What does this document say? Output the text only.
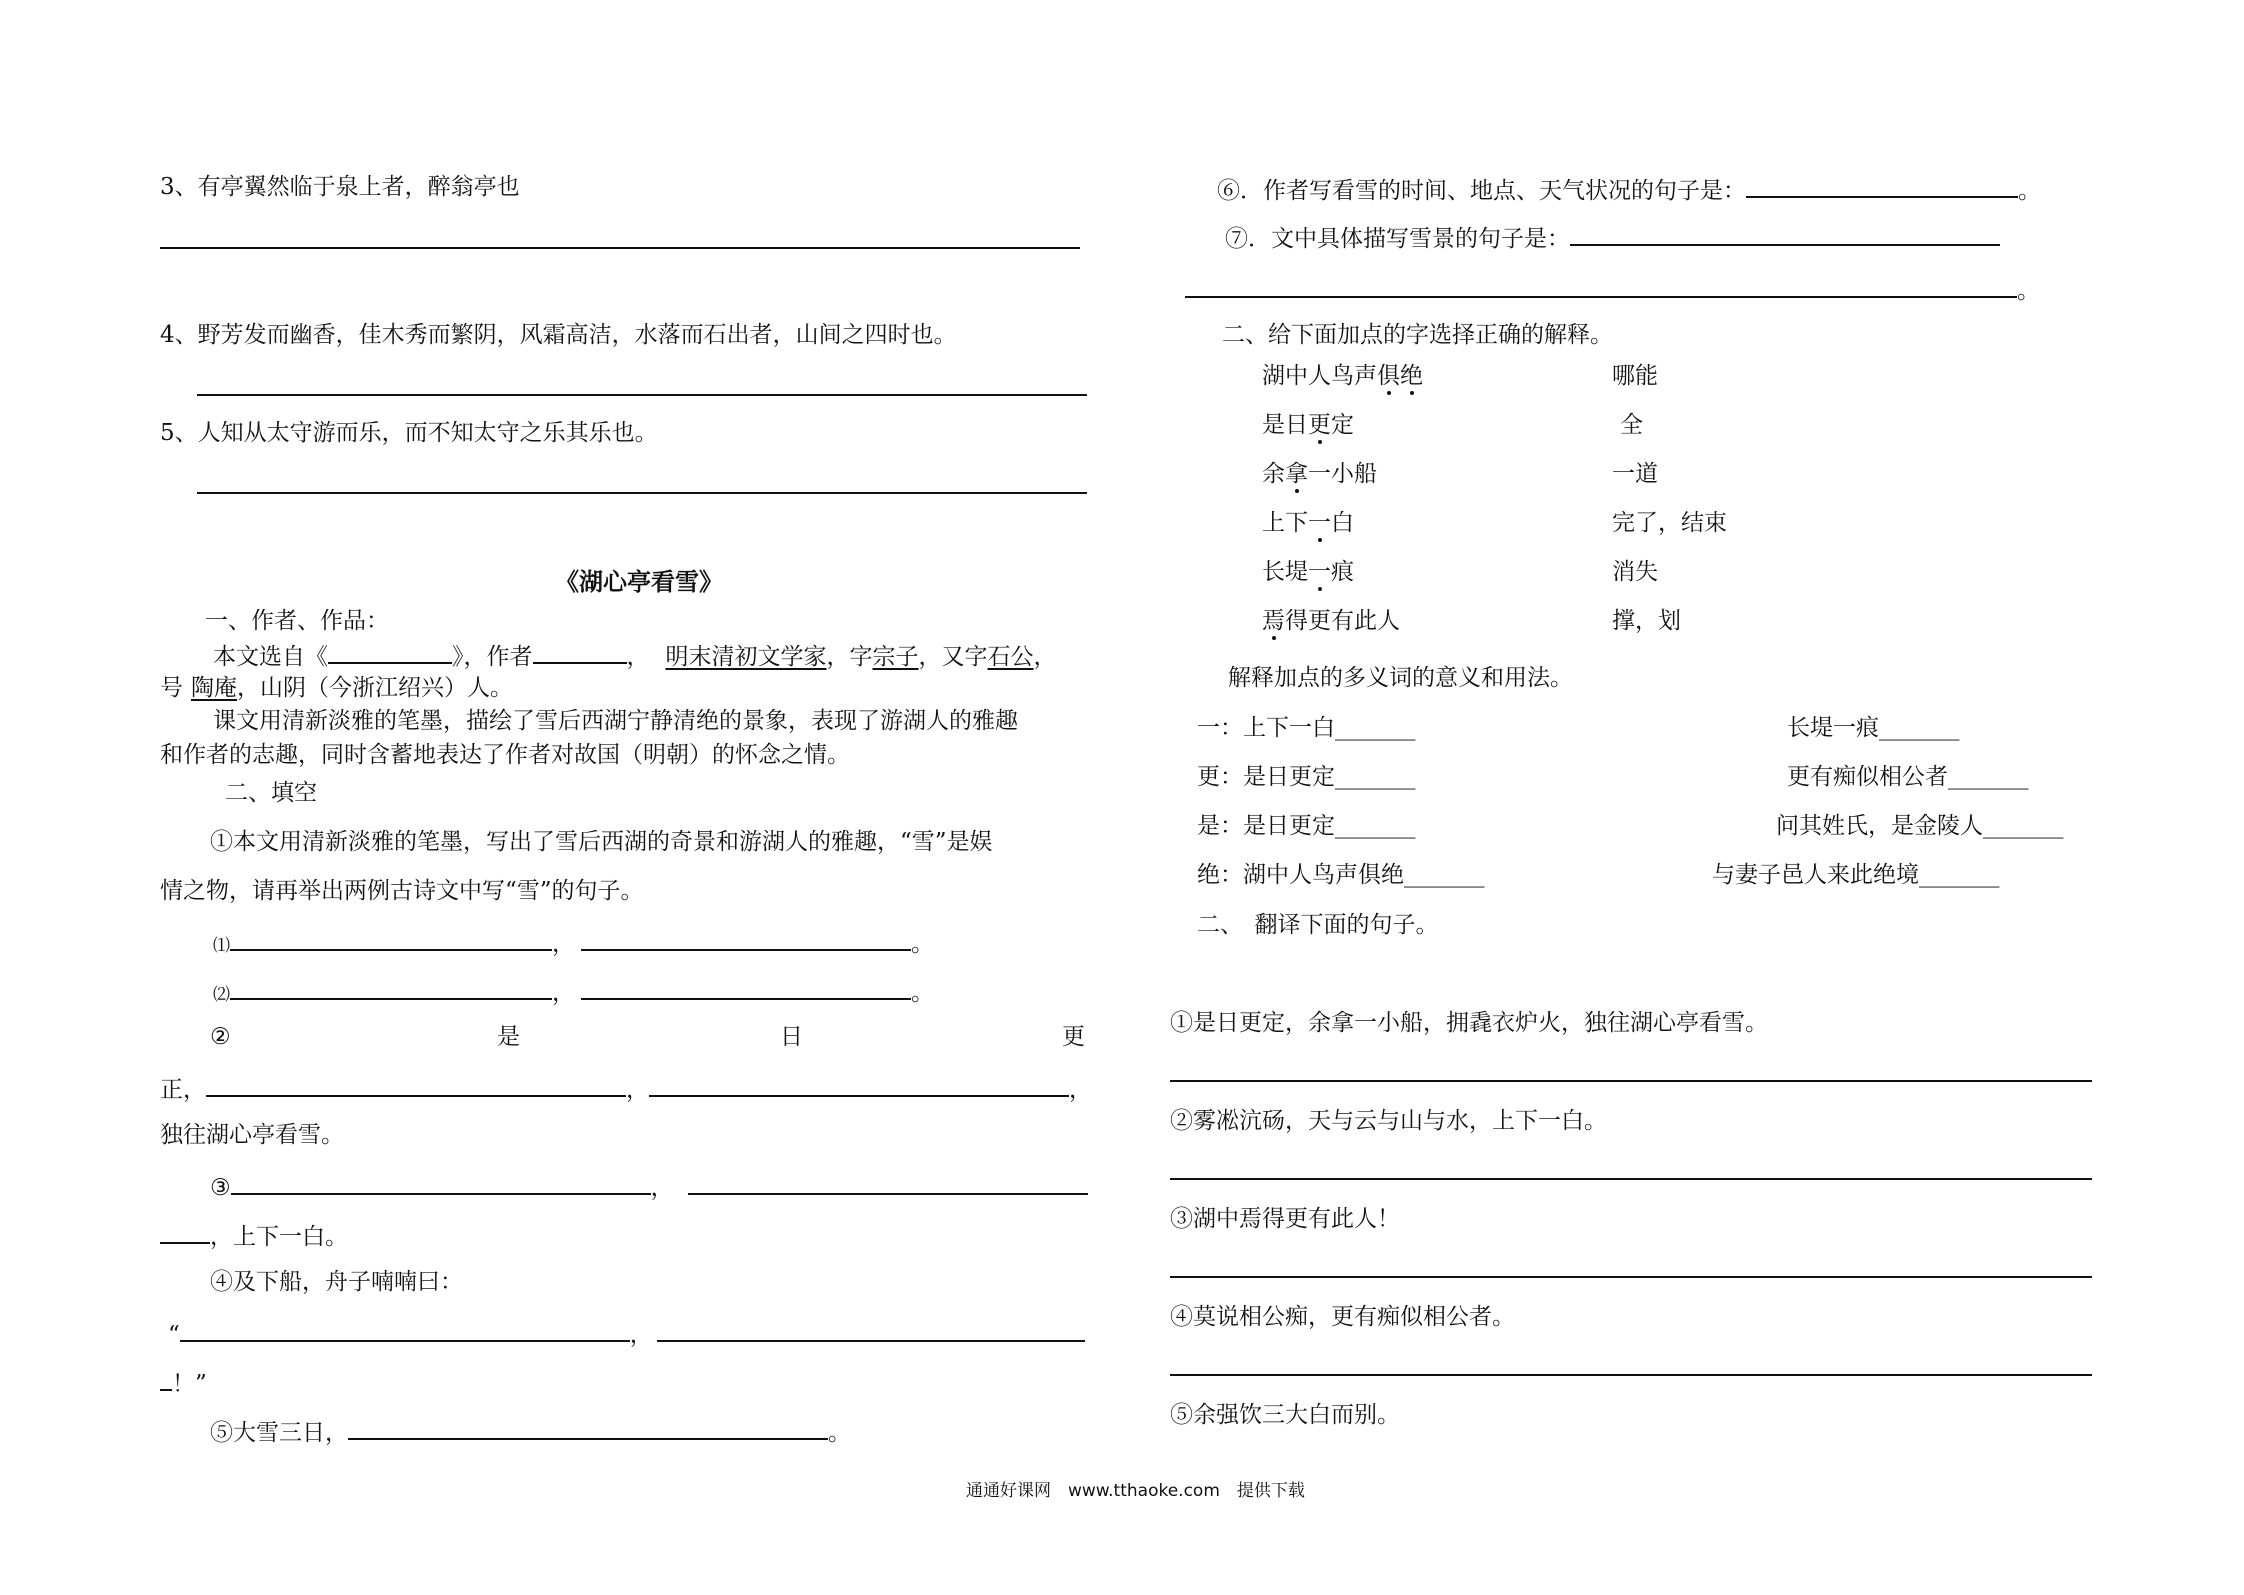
3、有亭翼然临于泉上者，醉翁亭也
4、野芳发而幽香，佳木秀而繁阴，风霜高洁，水落而石出者，山间之四时也。
5、人知从太守游而乐，而不知太守之乐其乐也。
《湖心亭看雪》
一、作者、作品：
本文选自《	》，作者	， 明末清初文学家，字宗子，又字石公，
号 陶庵，山阴（今浙江绍兴）人。
课文用清新淡雅的笔墨，描绘了雪后西湖宁静清绝的景象，表现了游湖人的雅趣
和作者的志趣，同时含蓄地表达了作者对故国（明朝）的怀念之情。
二、填空
①本文用清新淡雅的笔墨，写出了雪后西湖的奇景和游湖人的雅趣，“雪”是娱
情之物，请再举出两例古诗文中写“雪”的句子。
⑴	，	。
⑵	，	。
②	是	日	更
正，	，	，
独往湖心亭看雪。
③	，
，上下一白。
④及下船，舟子喃喃曰：
“	，
！”
⑤大雪三日，	。
⑥．作者写看雪的时间、地点、天气状况的句子是：	。
⑦．文中具体描写雪景的句子是：
。
二、给下面加点的字选择正确的解释。
湖中人鸟声俱绝	哪能
是日更定	全
余拿一小船	一道
上下一白	完了，结束
长堤一痕	消失
焉得更有此人	撑，划
解释加点的多义词的意义和用法。
一：上下一白_______	长堤一痕_______
更：是日更定_______	更有痴似相公者_______
是：是日更定_______	问其姓氏，是金陵人_______
绝：湖中人鸟声俱绝_______	与妻子邑人来此绝境_______
二、　翻译下面的句子。
①是日更定，余拿一小船，拥毳衣炉火，独往湖心亭看雪。
②雾凇沆砀，天与云与山与水，上下一白。
③湖中焉得更有此人！
④莫说相公痴，更有痴似相公者。
⑤余强饮三大白而别。
通通好课网　www.tthaoke.com　提供下载
